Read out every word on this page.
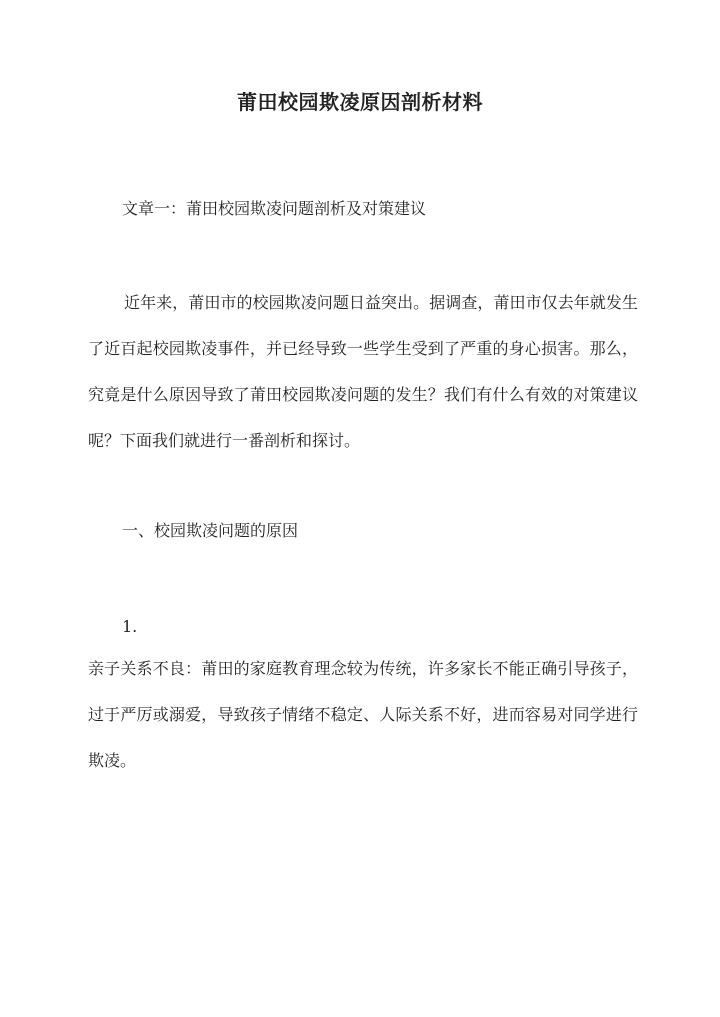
莆田校园欺凌原因剖析材料
文章一：莆田校园欺凌问题剖析及对策建议
近年来，莆田市的校园欺凌问题日益突出。据调查，莆田市仅去年就发生了近百起校园欺凌事件，并已经导致一些学生受到了严重的身心损害。那么，究竟是什么原因导致了莆田校园欺凌问题的发生？我们有什么有效的对策建议呢？下面我们就进行一番剖析和探讨。
一、校园欺凌问题的原因
1.
亲子关系不良：莆田的家庭教育理念较为传统，许多家长不能正确引导孩子，过于严厉或溺爱，导致孩子情绪不稳定、人际关系不好，进而容易对同学进行欺凌。
